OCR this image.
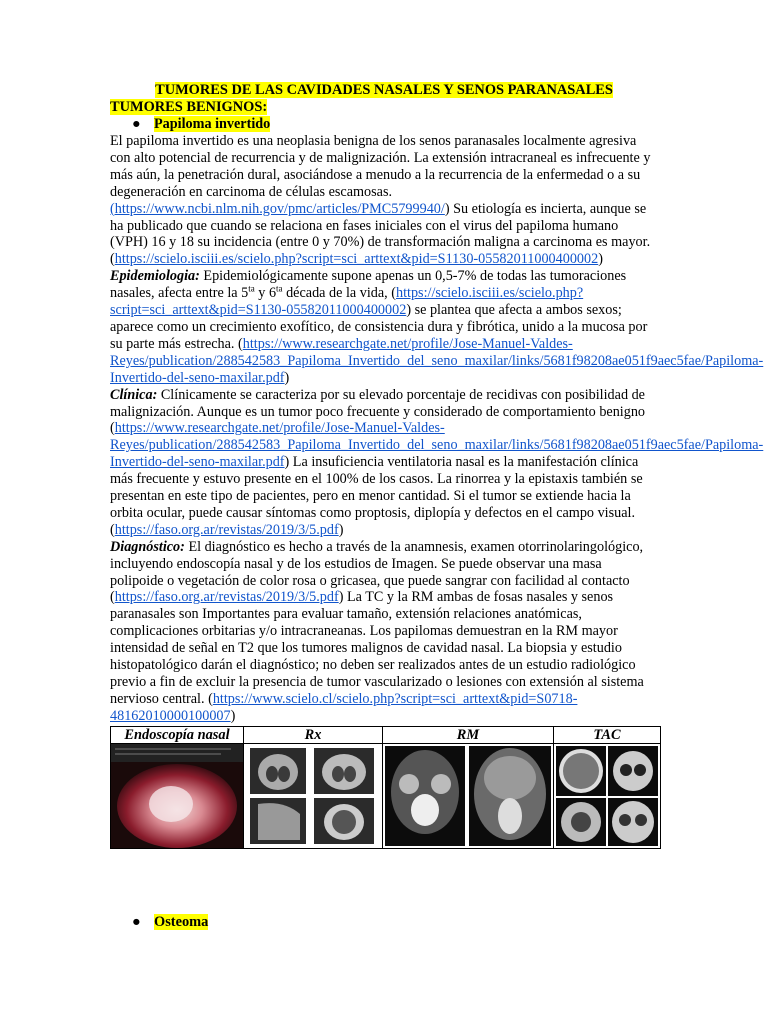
TUMORES DE LAS CAVIDADES NASALES Y SENOS PARANASALES
TUMORES BENIGNOS:
● Papiloma invertido

El papiloma invertido es una neoplasia benigna de los senos paranasales localmente agresiva con alto potencial de recurrencia y de malignización. La extensión intracraneal es infrecuente y más aún, la penetración dural, asociándose a menudo a la recurrencia de la enfermedad o a su degeneración en carcinoma de células escamosas. (https://www.ncbi.nlm.nih.gov/pmc/articles/PMC5799940/) Su etiología es incierta, aunque se ha publicado que cuando se relaciona en fases iniciales con el virus del papiloma humano (VPH) 16 y 18 su incidencia (entre 0 y 70%) de transformación maligna a carcinoma es mayor. (https://scielo.isciii.es/scielo.php?script=sci_arttext&pid=S1130-05582011000400002)

Epidemiologia: Epidemiológicamente supone apenas un 0,5-7% de todas las tumoraciones nasales, afecta entre la $5^{ta}$ y $6^{ta}$ década de la vida, (https://scielo.isciii.es/scielo.php?script=sci_arttext&pid=S1130-05582011000400002) se plantea que afecta a ambos sexos; aparece como un crecimiento exofítico, de consistencia dura y fibrótica, unido a la mucosa por su parte más estrecha. (https://www.researchgate.net/profile/Jose-Manuel-Valdes-Reyes/publication/288542583_Papiloma_Invertido_del_seno_maxilar/links/5681f98208ae051f9aec5fae/Papiloma-Invertido-del-seno-maxilar.pdf)

Clínica: Clínicamente se caracteriza por su elevado porcentaje de recidivas con posibilidad de malignización. Aunque es un tumor poco frecuente y considerado de comportamiento benigno (https://www.researchgate.net/profile/Jose-Manuel-Valdes-Reyes/publication/288542583_Papiloma_Invertido_del_seno_maxilar/links/5681f98208ae051f9aec5fae/Papiloma-Invertido-del-seno-maxilar.pdf) La insuficiencia ventilatoria nasal es la manifestación clínica más frecuente y estuvo presente en el 100% de los casos. La rinorrea y la epistaxis también se presentan en este tipo de pacientes, pero en menor cantidad. Si el tumor se extiende hacia la orbita ocular, puede causar síntomas como proptosis, diplopía y defectos en el campo visual. (https://faso.org.ar/revistas/2019/3/5.pdf)

Diagnóstico: El diagnóstico es hecho a través de la anamnesis, examen otorrinolaringológico, incluyendo endoscopía nasal y de los estudios de Imagen. Se puede observar una masa polipoide o vegetación de color rosa o gricasea, que puede sangrar con facilidad al contacto (https://faso.org.ar/revistas/2019/3/5.pdf) La TC y la RM ambas de fosas nasales y senos paranasales son Importantes para evaluar tamaño, extensión relaciones anatómicas, complicaciones orbitarias y/o intracraneanas. Los papilomas demuestran en la RM mayor intensidad de señal en T2 que los tumores malignos de cavidad nasal. La biopsia y estudio histopatológico darán el diagnóstico; no deben ser realizados antes de un estudio radiológico previo a fin de excluir la presencia de tumor vascularizado o lesiones con extensión al sistema nervioso central. (https://www.scielo.cl/scielo.php?script=sci_arttext&pid=S0718-48162010000100007)

Endoscopía nasal	Rx	RM	TAC

● Osteoma
